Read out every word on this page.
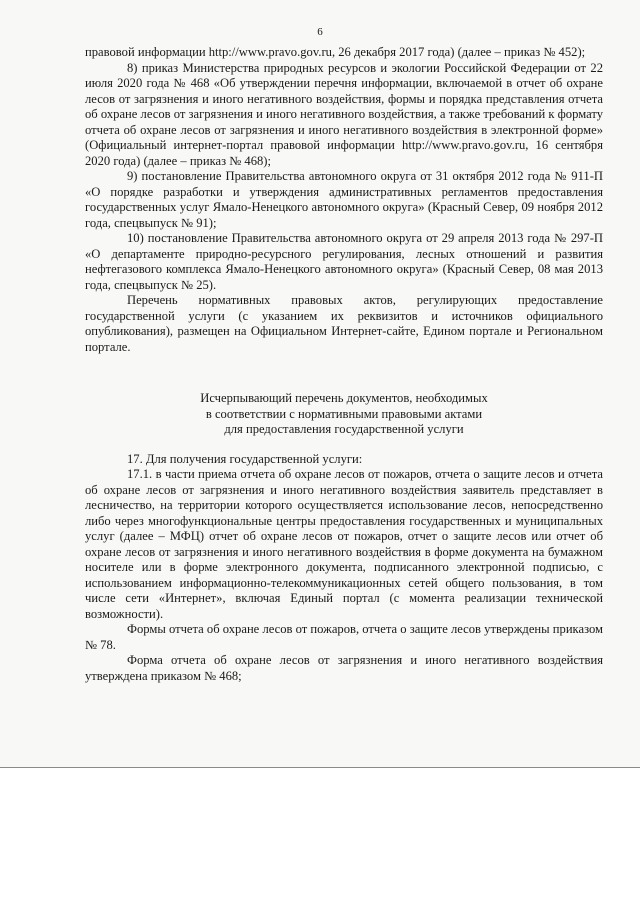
6

правовой информации http://www.pravo.gov.ru, 26 декабря 2017 года) (далее – приказ № 452);

8) приказ Министерства природных ресурсов и экологии Российской Федерации от 22 июля 2020 года № 468 «Об утверждении перечня информации, включаемой в отчет об охране лесов от загрязнения и иного негативного воздействия, формы и порядка представления отчета об охране лесов от загрязнения и иного негативного воздействия, а также требований к формату отчета об охране лесов от загрязнения и иного негативного воздействия в электронной форме» (Официальный интернет-портал правовой информации http://www.pravo.gov.ru, 16 сентября 2020 года) (далее – приказ № 468);

9) постановление Правительства автономного округа от 31 октября 2012 года № 911-П «О порядке разработки и утверждения административных регламентов предоставления государственных услуг Ямало-Ненецкого автономного округа» (Красный Север, 09 ноября 2012 года, спецвыпуск № 91);

10) постановление Правительства автономного округа от 29 апреля 2013 года № 297-П «О департаменте природно-ресурсного регулирования, лесных отношений и развития нефтегазового комплекса Ямало-Ненецкого автономного округа» (Красный Север, 08 мая 2013 года, спецвыпуск № 25).

Перечень нормативных правовых актов, регулирующих предоставление государственной услуги (с указанием их реквизитов и источников официального опубликования), размещен на Официальном Интернет-сайте, Едином портале и Региональном портале.

Исчерпывающий перечень документов, необходимых
в соответствии с нормативными правовыми актами
для предоставления государственной услуги

17. Для получения государственной услуги:

17.1. в части приема отчета об охране лесов от пожаров, отчета о защите лесов и отчета об охране лесов от загрязнения и иного негативного воздействия заявитель представляет в лесничество, на территории которого осуществляется использование лесов, непосредственно либо через многофункциональные центры предоставления государственных и муниципальных услуг (далее – МФЦ) отчет об охране лесов от пожаров, отчет о защите лесов или отчет об охране лесов от загрязнения и иного негативного воздействия в форме документа на бумажном носителе или в форме электронного документа, подписанного электронной подписью, с использованием информационно-телекоммуникационных сетей общего пользования, в том числе сети «Интернет», включая Единый портал (с момента реализации технической возможности).

Формы отчета об охране лесов от пожаров, отчета о защите лесов утверждены приказом № 78.

Форма отчета об охране лесов от загрязнения и иного негативного воздействия утверждена приказом № 468;
